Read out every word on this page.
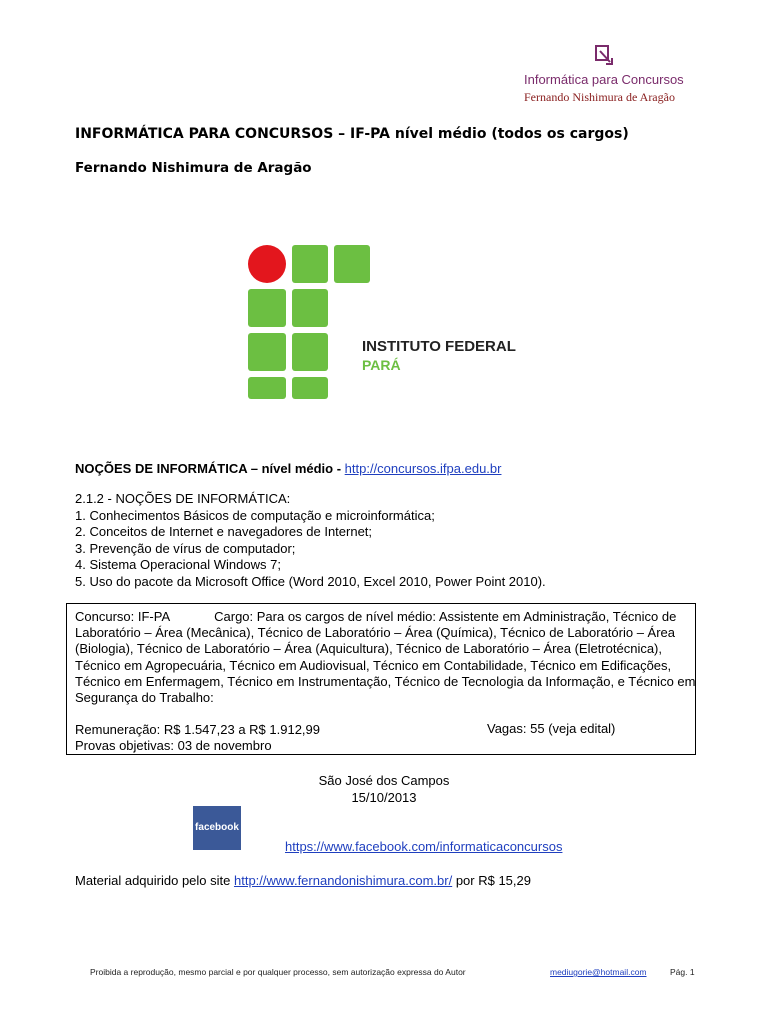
Informática para Concursos
Fernando Nishimura de Aragão
INFORMÁTICA PARA CONCURSOS – IF-PA nível médio (todos os cargos)
Fernando Nishimura de Aragão
INSTITUTO FEDERAL
PARÁ
NOÇÕES DE INFORMÁTICA – nível médio - http://concursos.ifpa.edu.br
2.1.2 - NOÇÕES DE INFORMÁTICA:
1. Conhecimentos Básicos de computação e microinformática;
2. Conceitos de Internet e navegadores de Internet;
3. Prevenção de vírus de computador;
4. Sistema Operacional Windows 7;
5. Uso do pacote da Microsoft Office (Word 2010, Excel 2010, Power Point 2010).
Concurso: IF-PA	Cargo: Para os cargos de nível médio: Assistente em Administração, Técnico de
Laboratório – Área (Mecânica), Técnico de Laboratório – Área (Química), Técnico de Laboratório – Área
(Biologia), Técnico de Laboratório – Área (Aquicultura), Técnico de Laboratório – Área (Eletrotécnica),
Técnico em Agropecuária, Técnico em Audiovisual, Técnico em Contabilidade, Técnico em Edificações,
Técnico em Enfermagem, Técnico em Instrumentação, Técnico de Tecnologia da Informação, e Técnico em
Segurança do Trabalho:
Remuneração: R$ 1.547,23 a R$ 1.912,99
Provas objetivas: 03 de novembro
Vagas: 55 (veja edital)
São José dos Campos
15/10/2013
facebook
https://www.facebook.com/informaticaconcursos
Material adquirido pelo site http://www.fernandonishimura.com.br/ por R$ 15,29
Proibida a reprodução, mesmo parcial e por qualquer processo, sem autorização expressa do Autor	mediugorie@hotmail.com	Pág. 1
